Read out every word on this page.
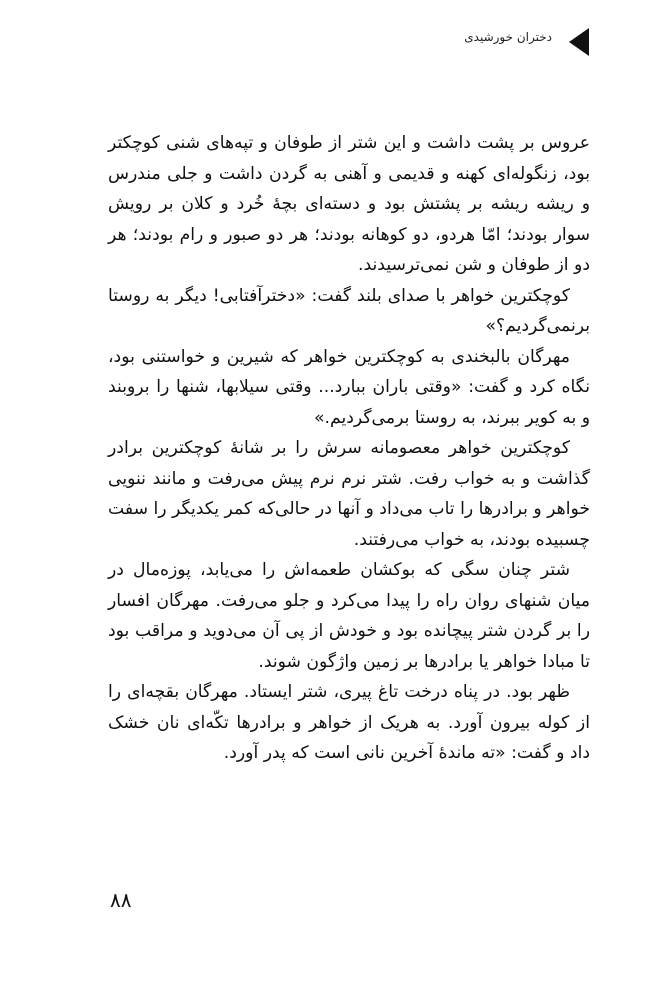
دختران خورشیدی

عروس بر پشت داشت و این شتر از طوفان و تپه‌های شنی کوچکتر بود، زنگوله‌ای کهنه و قدیمی و آهنی به گردن داشت و جلی مندرس و ریشه ریشه بر پشتش بود و دسته‌ای بچهٔ خُرد و کلان بر رویش سوار بودند؛ امّا هردو، دو کوهانه بودند؛ هر دو صبور و رام بودند؛ هر دو از طوفان و شن نمی‌ترسیدند.

کوچکترین خواهر با صدای بلند گفت: «دخترآفتابی! دیگر به روستا برنمی‌گردیم؟»

مهرگان بالبخندی به کوچکترین خواهر که شیرین و خواستنی بود، نگاه کرد و گفت: «وقتی باران ببارد... وقتی سیلابها، شنها را بروبند و به کویر ببرند، به روستا برمی‌گردیم.»

کوچکترین خواهر معصومانه سرش را بر شانهٔ کوچکترین برادر گذاشت و به خواب رفت. شتر نرم نرم پیش می‌رفت و مانند ننویی خواهر و برادرها را تاب می‌داد و آنها در حالی‌که کمر یکدیگر را سفت چسبیده بودند، به خواب می‌رفتند.

شتر چنان سگی که بوکشان طعمه‌اش را می‌یابد، پوزه‌مال در میان شنهای روان راه را پیدا می‌کرد و جلو می‌رفت. مهرگان افسار را بر گردن شتر پیچانده بود و خودش از پی آن می‌دوید و مراقب بود تا مبادا خواهر یا برادرها بر زمین واژگون شوند.

ظهر بود. در پناه درخت تاغ پیری، شتر ایستاد. مهرگان بقچه‌ای را از کوله بیرون آورد. به هریک از خواهر و برادرها تکّه‌ای نان خشک داد و گفت: «ته ماندهٔ آخرین نانی است که پدر آورد.

۸۸
